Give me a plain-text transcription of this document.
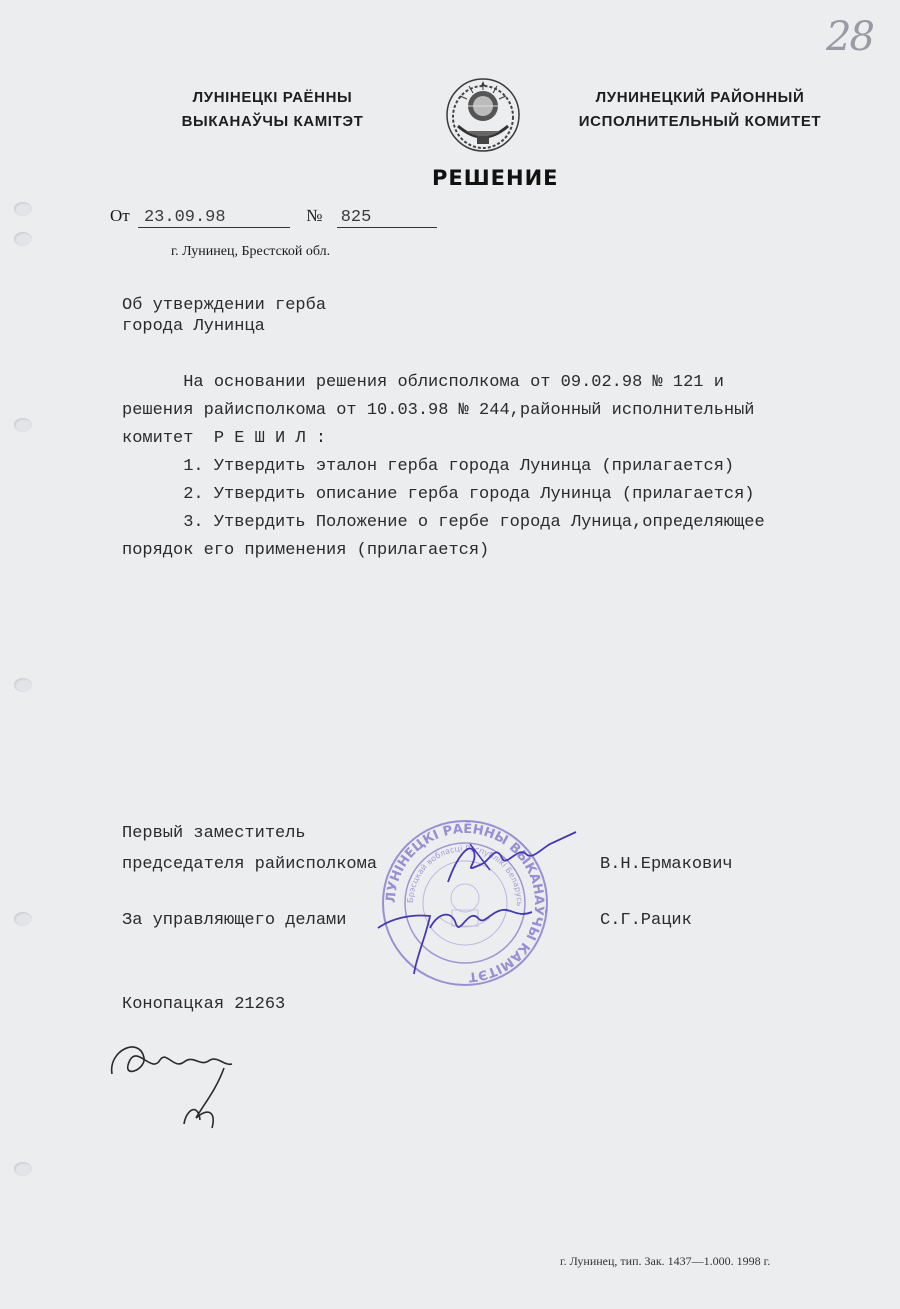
28
ЛУНІНЕЦКІ РАЁННЫ
ВЫКАНАЎЧЫ КАМІТЭТ
ЛУНИНЕЦКИЙ РАЙОННЫЙ
ИСПОЛНИТЕЛЬНЫЙ КОМИТЕТ
РЕШЕНИЕ
От 23.09.98	№ 825
г. Лунинец, Брестской обл.
Об утверждении герба
города Лунинца
На основании решения облисполкома от 09.02.98 № 121 и
решения райисполкома от 10.03.98 № 244,районный исполнительный
комитет  Р Е Ш И Л :
1. Утвердить эталон герба города Лунинца (прилагается)
2. Утвердить описание герба города Лунинца (прилагается)
3. Утвердить Положение о гербе города Луница,определяющее
порядок его применения (прилагается)
ЛУНІНЕЦКІ РАЁННЫ ВЫКАНАЎЧЫ КАМІТЭТ
Брэсцкай вобласці Рэспублікі Беларусь
Первый заместитель
председателя райисполкома	В.Н.Ермакович
За управляющего делами	С.Г.Рацик
Конопацкая 21263
г. Лунинец, тип. Зак. 1437—1.000. 1998 г.
